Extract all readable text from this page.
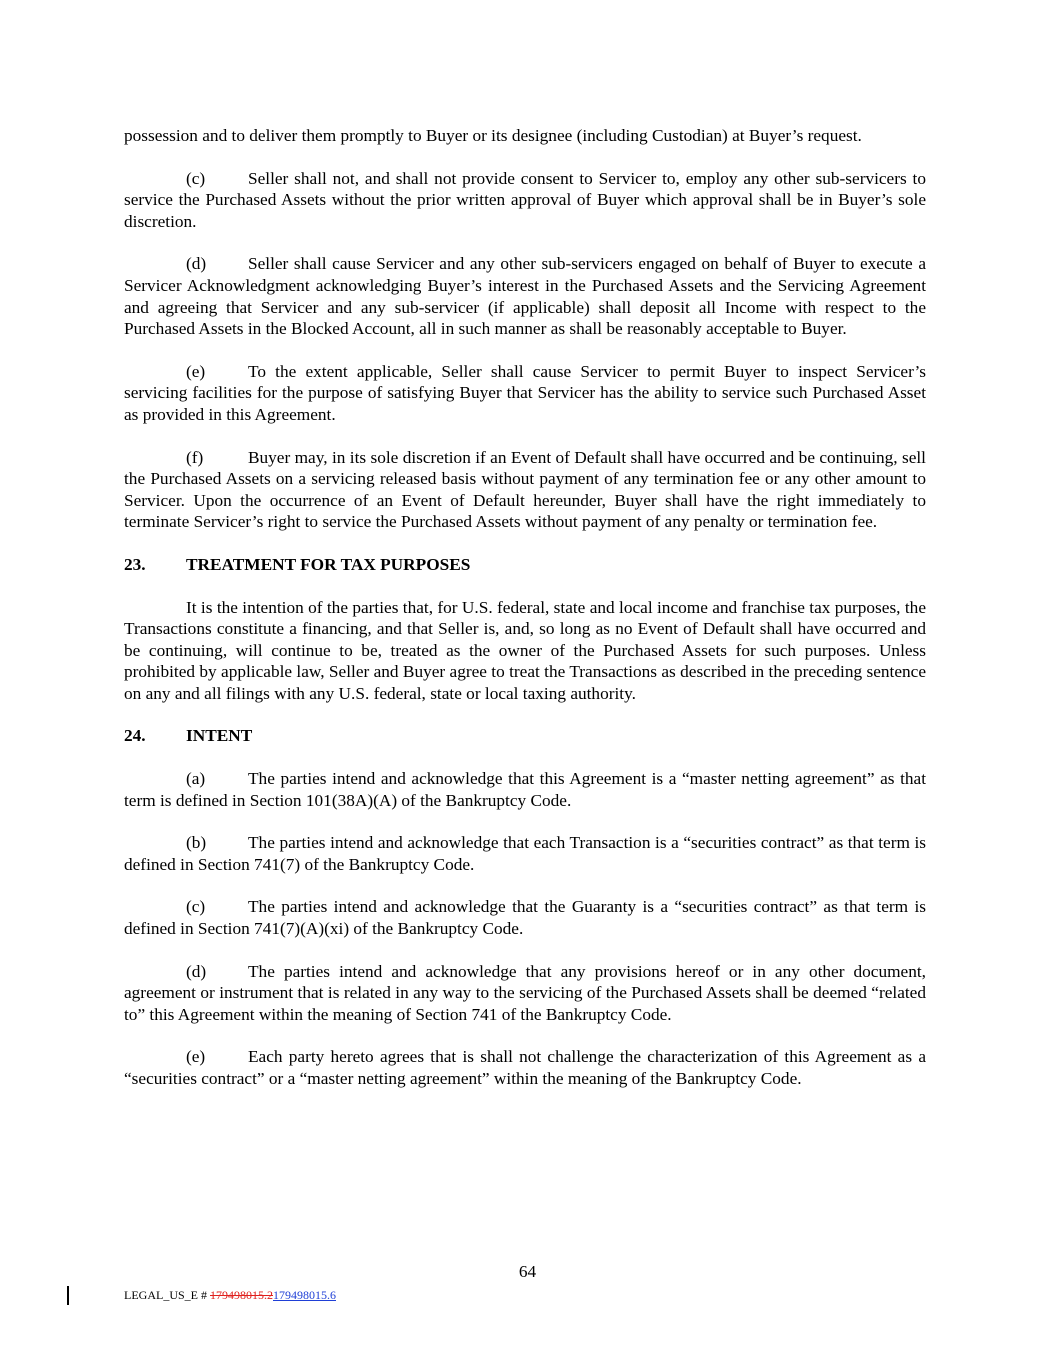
possession and to deliver them promptly to Buyer or its designee (including Custodian) at Buyer’s request.

(c) Seller shall not, and shall not provide consent to Servicer to, employ any other sub-servicers to service the Purchased Assets without the prior written approval of Buyer which approval shall be in Buyer’s sole discretion.

(d) Seller shall cause Servicer and any other sub-servicers engaged on behalf of Buyer to execute a Servicer Acknowledgment acknowledging Buyer’s interest in the Purchased Assets and the Servicing Agreement and agreeing that Servicer and any sub-servicer (if applicable) shall deposit all Income with respect to the Purchased Assets in the Blocked Account, all in such manner as shall be reasonably acceptable to Buyer.

(e) To the extent applicable, Seller shall cause Servicer to permit Buyer to inspect Servicer’s servicing facilities for the purpose of satisfying Buyer that Servicer has the ability to service such Purchased Asset as provided in this Agreement.

(f)	Buyer may, in its sole discretion if an Event of Default shall have occurred and be continuing, sell the Purchased Assets on a servicing released basis without payment of any termination fee or any other amount to Servicer. Upon the occurrence of an Event of Default hereunder, Buyer shall have the right immediately to terminate Servicer’s right to service the Purchased Assets without payment of any penalty or termination fee.

23. TREATMENT FOR TAX PURPOSES

It is the intention of the parties that, for U.S. federal, state and local income and franchise tax purposes, the Transactions constitute a financing, and that Seller is, and, so long as no Event of Default shall have occurred and be continuing, will continue to be, treated as the owner of the Purchased Assets for such purposes. Unless prohibited by applicable law, Seller and Buyer agree to treat the Transactions as described in the preceding sentence on any and all filings with any U.S. federal, state or local taxing authority.

24. INTENT

(a) The parties intend and acknowledge that this Agreement is a “master netting agreement” as that term is defined in Section 101(38A)(A) of the Bankruptcy Code.

(b) The parties intend and acknowledge that each Transaction is a “securities contract” as that term is defined in Section 741(7) of the Bankruptcy Code.

(c) The parties intend and acknowledge that the Guaranty is a “securities contract” as that term is defined in Section 741(7)(A)(xi) of the Bankruptcy Code.

(d) The parties intend and acknowledge that any provisions hereof or in any other document, agreement or instrument that is related in any way to the servicing of the Purchased Assets shall be deemed “related to” this Agreement within the meaning of Section 741 of the Bankruptcy Code.

(e) Each party hereto agrees that is shall not challenge the characterization of this Agreement as a “securities contract” or a “master netting agreement” within the meaning of the Bankruptcy Code.

64
LEGAL_US_E # 179498015.2179498015.6
